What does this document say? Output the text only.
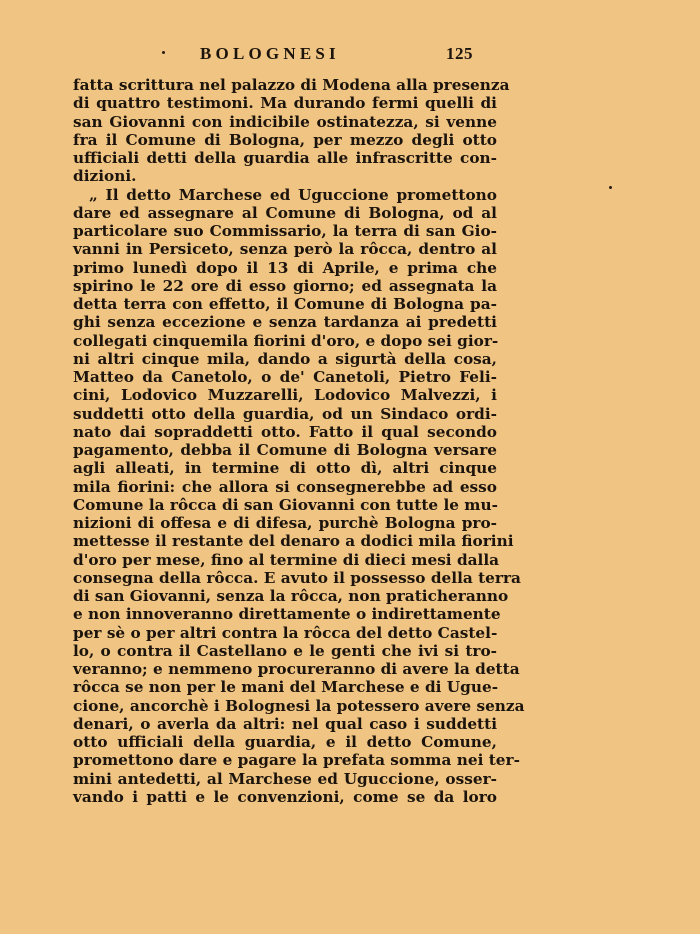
BOLOGNESI	125
fatta scrittura nel palazzo di Modena alla presenza
di quattro testimoni. Ma durando fermi quelli di
san Giovanni con indicibile ostinatezza, si venne
fra il Comune di Bologna, per mezzo degli otto
ufficiali detti della guardia alle infrascritte con-
dizioni.
„ Il detto Marchese ed Uguccione promettono
dare ed assegnare al Comune di Bologna, od al
particolare suo Commissario, la terra di san Gio-
vanni in Persiceto, senza però la rôcca, dentro al
primo lunedì dopo il 13 di Aprile, e prima che
spirino le 22 ore di esso giorno; ed assegnata la
detta terra con effetto, il Comune di Bologna pa-
ghi senza eccezione e senza tardanza ai predetti
collegati cinquemila fiorini d'oro, e dopo sei gior-
ni altri cinque mila, dando a sigurtà della cosa,
Matteo da Canetolo, o de' Canetoli, Pietro Feli-
cini, Lodovico Muzzarelli, Lodovico Malvezzi, i
suddetti otto della guardia, od un Sindaco ordi-
nato dai sopraddetti otto. Fatto il qual secondo
pagamento, debba il Comune di Bologna versare
agli alleati, in termine di otto dì, altri cinque
mila fiorini: che allora si consegnerebbe ad esso
Comune la rôcca di san Giovanni con tutte le mu-
nizioni di offesa e di difesa, purchè Bologna pro-
mettesse il restante del denaro a dodici mila fiorini
d'oro per mese, fino al termine di dieci mesi dalla
consegna della rôcca. E avuto il possesso della terra
di san Giovanni, senza la rôcca, non praticheranno
e non innoveranno direttamente o indirettamente
per sè o per altri contra la rôcca del detto Castel-
lo, o contra il Castellano e le genti che ivi si tro-
veranno; e nemmeno procureranno di avere la detta
rôcca se non per le mani del Marchese e di Ugue-
cione, ancorchè i Bolognesi la potessero avere senza
denari, o averla da altri: nel qual caso i suddetti
otto ufficiali della guardia, e il detto Comune,
promettono dare e pagare la prefata somma nei ter-
mini antedetti, al Marchese ed Uguccione, osser-
vando i patti e le convenzioni, come se da loro
